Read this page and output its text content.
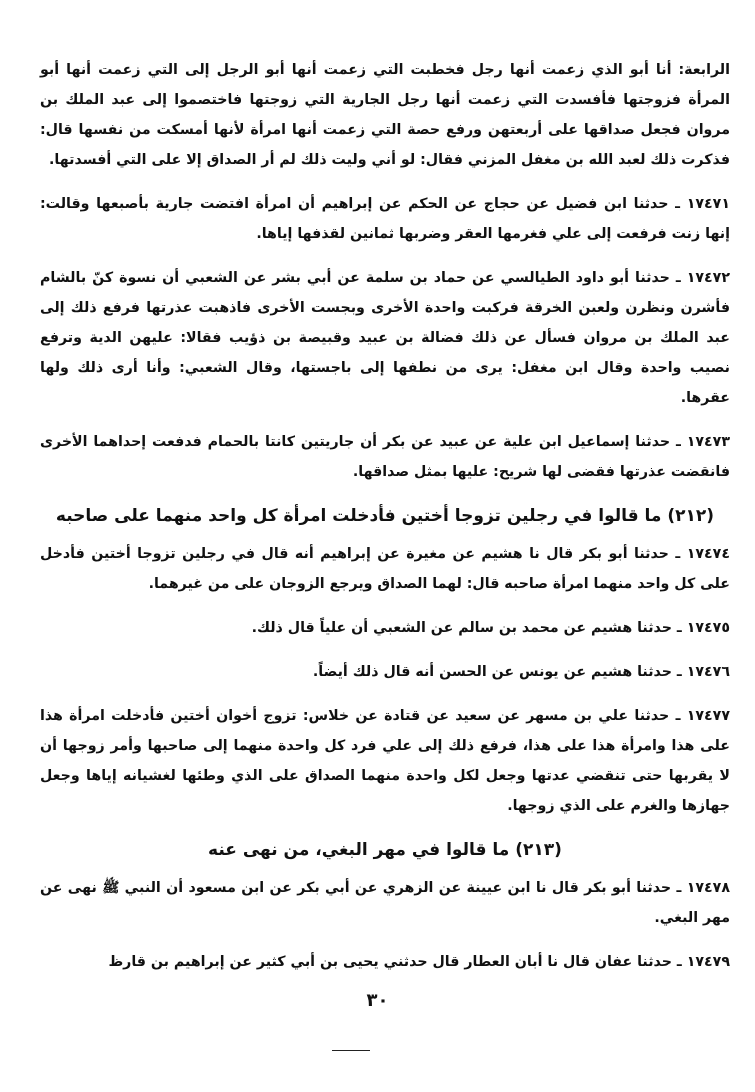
الرابعة: أنا أبو الذي زعمت أنها رجل فخطبت التي زعمت أنها أبو الرجل إلى التي زعمت أنها أبو المرأة فزوجتها فأفسدت التي زعمت أنها رجل الجارية التي زوجتها فاختصموا إلى عبد الملك بن مروان فجعل صداقها على أربعتهن ورفع حصة التي زعمت أنها امرأة لأنها أمسكت من نفسها قال: فذكرت ذلك لعبد الله بن مغفل المزني فقال: لو أني وليت ذلك لم أر الصداق إلا على التي أفسدتها.

١٧٤٧١ ـ حدثنا ابن فضيل عن حجاج عن الحكم عن إبراهيم أن امرأة افتضت جارية بأصبعها وقالت: إنها زنت فرفعت إلى علي فغرمها العقر وضربها ثمانين لقذفها إياها.

١٧٤٧٢ ـ حدثنا أبو داود الطيالسي عن حماد بن سلمة عن أبي بشر عن الشعبي أن نسوة كنّ بالشام فأشرن ونظرن ولعبن الخرقة فركبت واحدة الأخرى وبجست الأخرى فاذهبت عذرتها فرفع ذلك إلى عبد الملك بن مروان فسأل عن ذلك فضالة بن عبيد وقبيصة بن ذؤيب فقالا: عليهن الدية وترفع نصيب واحدة وقال ابن مغفل: يرى من نطفها إلى باجستها، وقال الشعبي: وأنا أرى ذلك ولها عقرها.

١٧٤٧٣ ـ حدثنا إسماعيل ابن علية عن عبيد عن بكر أن جاريتين كانتا بالحمام فدفعت إحداهما الأخرى فانقضت عذرتها فقضى لها شريح: عليها بمثل صداقها.

(٢١٢) ما قالوا في رجلين تزوجا أختين فأدخلت امرأة كل واحد منهما على صاحبه

١٧٤٧٤ ـ حدثنا أبو بكر قال نا هشيم عن مغيرة عن إبراهيم أنه قال في رجلين تزوجا أختين فأدخل على كل واحد منهما امرأة صاحبه قال: لهما الصداق ويرجع الزوجان على من غيرهما.

١٧٤٧٥ ـ حدثنا هشيم عن محمد بن سالم عن الشعبي أن علياً قال ذلك.

١٧٤٧٦ ـ حدثنا هشيم عن يونس عن الحسن أنه قال ذلك أيضاً.

١٧٤٧٧ ـ حدثنا علي بن مسهر عن سعيد عن قتادة عن خلاس: تزوج أخوان أختين فأدخلت امرأة هذا على هذا وامرأة هذا على هذا، فرفع ذلك إلى علي فرد كل واحدة منهما إلى صاحبها وأمر زوجها أن لا يقربها حتى تنقضي عدتها وجعل لكل واحدة منهما الصداق على الذي وطئها لغشيانه إياها وجعل جهازها والغرم على الذي زوجها.

(٢١٣) ما قالوا في مهر البغي، من نهى عنه

١٧٤٧٨ ـ حدثنا أبو بكر قال نا ابن عيينة عن الزهري عن أبي بكر عن ابن مسعود أن النبي ﷺ نهى عن مهر البغي.

١٧٤٧٩ ـ حدثنا عفان قال نا أبان العطار قال حدثني يحيى بن أبي كثير عن إبراهيم بن قارظ

٣٠
